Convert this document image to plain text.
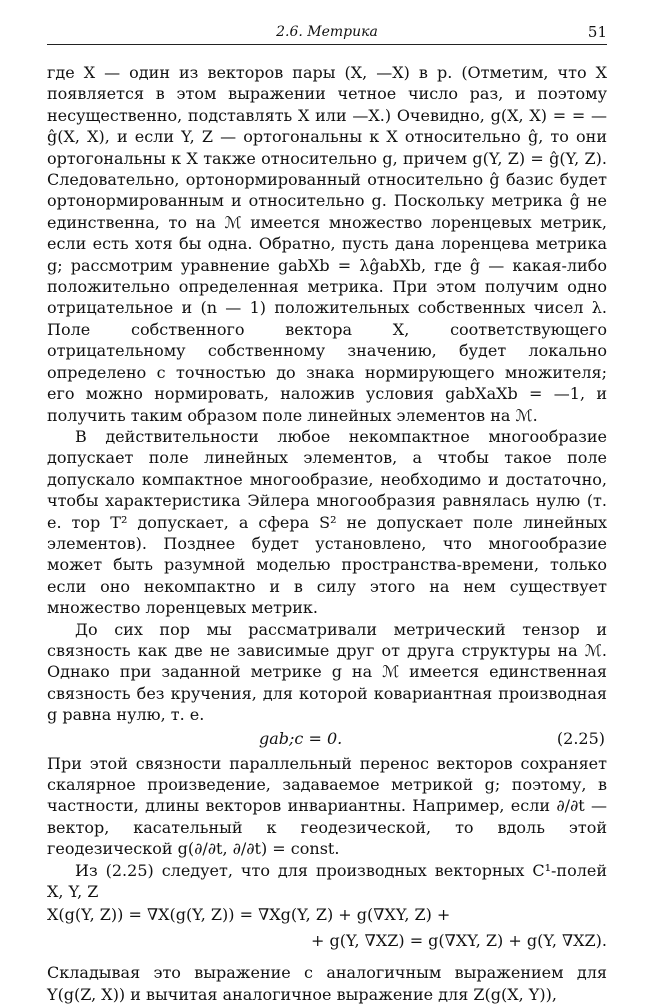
2.6. Метрика	51

где X — один из векторов пары (X, —X) в p. (Отметим, что X появляется в этом выражении четное число раз, и поэтому несущественно, подставлять X или —X.) Очевидно, g(X, X) = = — ĝ(X, X), и если Y, Z — ортогональны к X относительно ĝ, то они ортогональны к X также относительно g, причем g(Y, Z) = ĝ(Y, Z). Следовательно, ортонормированный относительно ĝ базис будет ортонормированным и относительно g. Поскольку метрика ĝ не единственна, то на ℳ имеется множество лоренцевых метрик, если есть хотя бы одна. Обратно, пусть дана лоренцева метрика g; рассмотрим уравнение gabXb = λĝabXb, где ĝ — какая-либо положительно определенная метрика. При этом получим одно отрицательное и (n — 1) положительных собственных чисел λ. Поле собственного вектора X, соответствующего отрицательному собственному значению, будет локально определено с точностью до знака нормирующего множителя; его можно нормировать, наложив условия gabXaXb = —1, и получить таким образом поле линейных элементов на ℳ.

В действительности любое некомпактное многообразие допускает поле линейных элементов, а чтобы такое поле допускало компактное многообразие, необходимо и достаточно, чтобы характеристика Эйлера многообразия равнялась нулю (т. е. тор T² допускает, а сфера S² не допускает поле линейных элементов). Позднее будет установлено, что многообразие может быть разумной моделью пространства-времени, только если оно некомпактно и в силу этого на нем существует множество лоренцевых метрик.

До сих пор мы рассматривали метрический тензор и связность как две не зависимые друг от друга структуры на ℳ. Однако при заданной метрике g на ℳ имеется единственная связность без кручения, для которой ковариантная производная g равна нулю, т. е.

gab;c = 0.	(2.25)

При этой связности параллельный перенос векторов сохраняет скалярное произведение, задаваемое метрикой g; поэтому, в частности, длины векторов инвариантны. Например, если ∂/∂t — вектор, касательный к геодезической, то вдоль этой геодезической g(∂/∂t, ∂/∂t) = const.

Из (2.25) следует, что для производных векторных C¹-полей X, Y, Z

X(g(Y, Z)) = ∇X(g(Y, Z)) = ∇Xg(Y, Z) + g(∇XY, Z) +
+ g(Y, ∇XZ) = g(∇XY, Z) + g(Y, ∇XZ).

Складывая это выражение с аналогичным выражением для Y(g(Z, X)) и вычитая аналогичное выражение для Z(g(X, Y)),
